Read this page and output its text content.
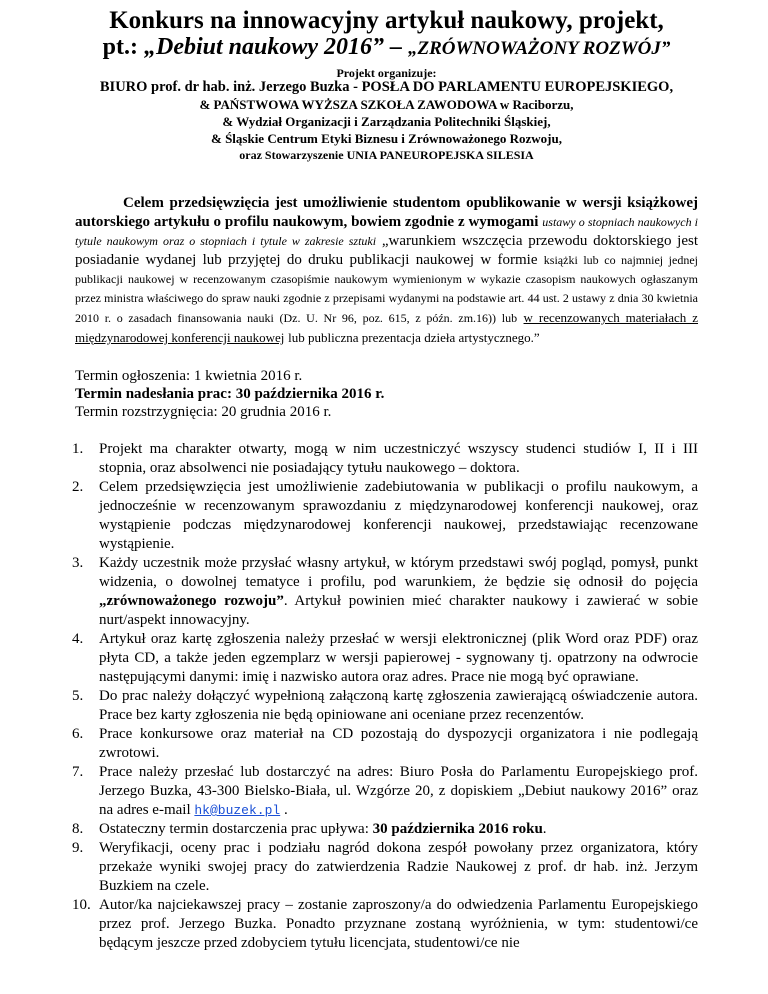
Konkurs na innowacyjny artykuł naukowy, projekt,
pt.: „Debiut naukowy 2016” – „ZRÓWNOWAŻONY ROZWÓJ”
Projekt organizuje:
BIURO prof. dr hab. inż. Jerzego Buzka - POSŁA DO PARLAMENTU EUROPEJSKIEGO,
& PAŃSTWOWA WYŻSZA SZKOŁA ZAWODOWA w Raciborzu,
& Wydział Organizacji i Zarządzania Politechniki Śląskiej,
& Śląskie Centrum Etyki Biznesu i Zrównoważonego Rozwoju,
oraz Stowarzyszenie UNIA PANEUROPEJSKA SILESIA
Celem przedsięwzięcia jest umożliwienie studentom opublikowanie w wersji książkowej autorskiego artykułu o profilu naukowym, bowiem zgodnie z wymogami ustawy o stopniach naukowych i tytule naukowym oraz o stopniach i tytule w zakresie sztuki „warunkiem wszczęcia przewodu doktorskiego jest posiadanie wydanej lub przyjętej do druku publikacji naukowej w formie książki lub co najmniej jednej publikacji naukowej w recenzowanym czasopiśmie naukowym wymienionym w wykazie czasopism naukowych ogłaszanym przez ministra właściwego do spraw nauki zgodnie z przepisami wydanymi na podstawie art. 44 ust. 2 ustawy z dnia 30 kwietnia 2010 r. o zasadach finansowania nauki (Dz. U. Nr 96, poz. 615, z późn. zm.16)) lub w recenzowanych materiałach z międzynarodowej konferencji naukowej lub publiczna prezentacja dzieła artystycznego.”
Termin ogłoszenia: 1 kwietnia 2016 r.
Termin nadesłania prac: 30 października 2016 r.
Termin rozstrzygnięcia: 20 grudnia 2016 r.
1.	Projekt ma charakter otwarty, mogą w nim uczestniczyć wszyscy studenci studiów I, II i III stopnia, oraz absolwenci nie posiadający tytułu naukowego – doktora.
2.	Celem przedsięwzięcia jest umożliwienie zadebiutowania w publikacji o profilu naukowym, a jednocześnie w recenzowanym sprawozdaniu z międzynarodowej konferencji naukowej, oraz wystąpienie podczas międzynarodowej konferencji naukowej, przedstawiając recenzowane wystąpienie.
3.	Każdy uczestnik może przysłać własny artykuł, w którym przedstawi swój pogląd, pomysł, punkt widzenia, o dowolnej tematyce i profilu, pod warunkiem, że będzie się odnosił do pojęcia „zrównoważonego rozwoju”. Artykuł powinien mieć charakter naukowy i zawierać w sobie nurt/aspekt innowacyjny.
4.	Artykuł oraz kartę zgłoszenia należy przesłać w wersji elektronicznej (plik Word oraz PDF) oraz płyta CD, a także jeden egzemplarz w wersji papierowej - sygnowany tj. opatrzony na odwrocie następującymi danymi: imię i nazwisko autora oraz adres. Prace nie mogą być oprawiane.
5.	Do prac należy dołączyć wypełnioną załączoną kartę zgłoszenia zawierającą oświadczenie autora. Prace bez karty zgłoszenia nie będą opiniowane ani oceniane przez recenzentów.
6.	Prace konkursowe oraz materiał na CD pozostają do dyspozycji organizatora i nie podlegają zwrotowi.
7.	Prace należy przesłać lub dostarczyć na adres: Biuro Posła do Parlamentu Europejskiego prof. Jerzego Buzka, 43-300 Bielsko-Biała, ul. Wzgórze 20, z dopiskiem „Debiut naukowy 2016” oraz na adres e-mail hk@buzek.pl .
8.	Ostateczny termin dostarczenia prac upływa: 30 października 2016 roku.
9.	Weryfikacji, oceny prac i podziału nagród dokona zespół powołany przez organizatora, który przekaże wyniki swojej pracy do zatwierdzenia Radzie Naukowej z prof. dr hab. inż. Jerzym Buzkiem na czele.
10. Autor/ka najciekawszej pracy – zostanie zaproszony/a do odwiedzenia Parlamentu Europejskiego przez prof. Jerzego Buzka. Ponadto przyznane zostaną wyróżnienia, w tym: studentowi/ce będącym jeszcze przed zdobyciem tytułu licencjata, studentowi/ce nie
